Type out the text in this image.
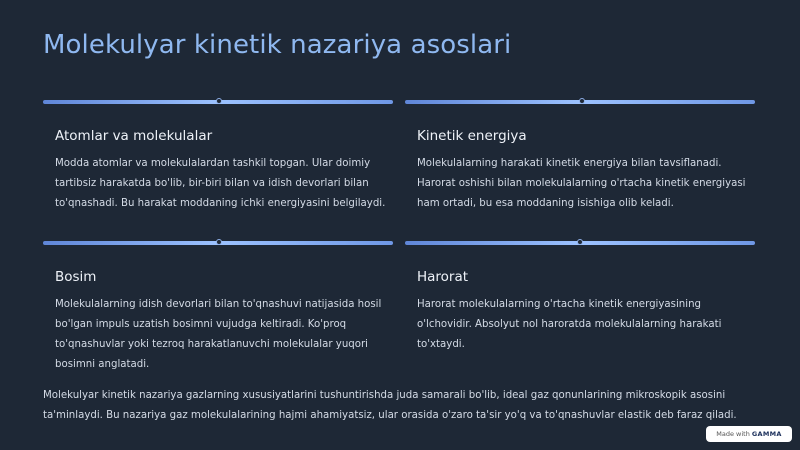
Molekulyar kinetik nazariya asoslari
Atomlar va molekulalar

Modda atomlar va molekulalardan tashkil topgan. Ular doimiy tartibsiz harakatda bo'lib, bir-biri bilan va idish devorlari bilan to'qnashadi. Bu harakat moddaning ichki energiyasini belgilaydi.

Kinetik energiya

Molekulalarning harakati kinetik energiya bilan tavsiflanadi. Harorat oshishi bilan molekulalarning o'rtacha kinetik energiyasi ham ortadi, bu esa moddaning isishiga olib keladi.

Bosim

Molekulalarning idish devorlari bilan to'qnashuvi natijasida hosil bo'lgan impuls uzatish bosimni vujudga keltiradi. Ko'proq to'qnashuvlar yoki tezroq harakatlanuvchi molekulalar yuqori bosimni anglatadi.

Harorat

Harorat molekulalarning o'rtacha kinetik energiyasining o'lchovidir. Absolyut nol haroratda molekulalarning harakati to'xtaydi.

Molekulyar kinetik nazariya gazlarning xususiyatlarini tushuntirishda juda samarali bo'lib, ideal gaz qonunlarining mikroskopik asosini ta'minlaydi. Bu nazariya gaz molekulalarining hajmi ahamiyatsiz, ular orasida o'zaro ta'sir yo'q va to'qnashuvlar elastik deb faraz qiladi.

Made with GAMMA
